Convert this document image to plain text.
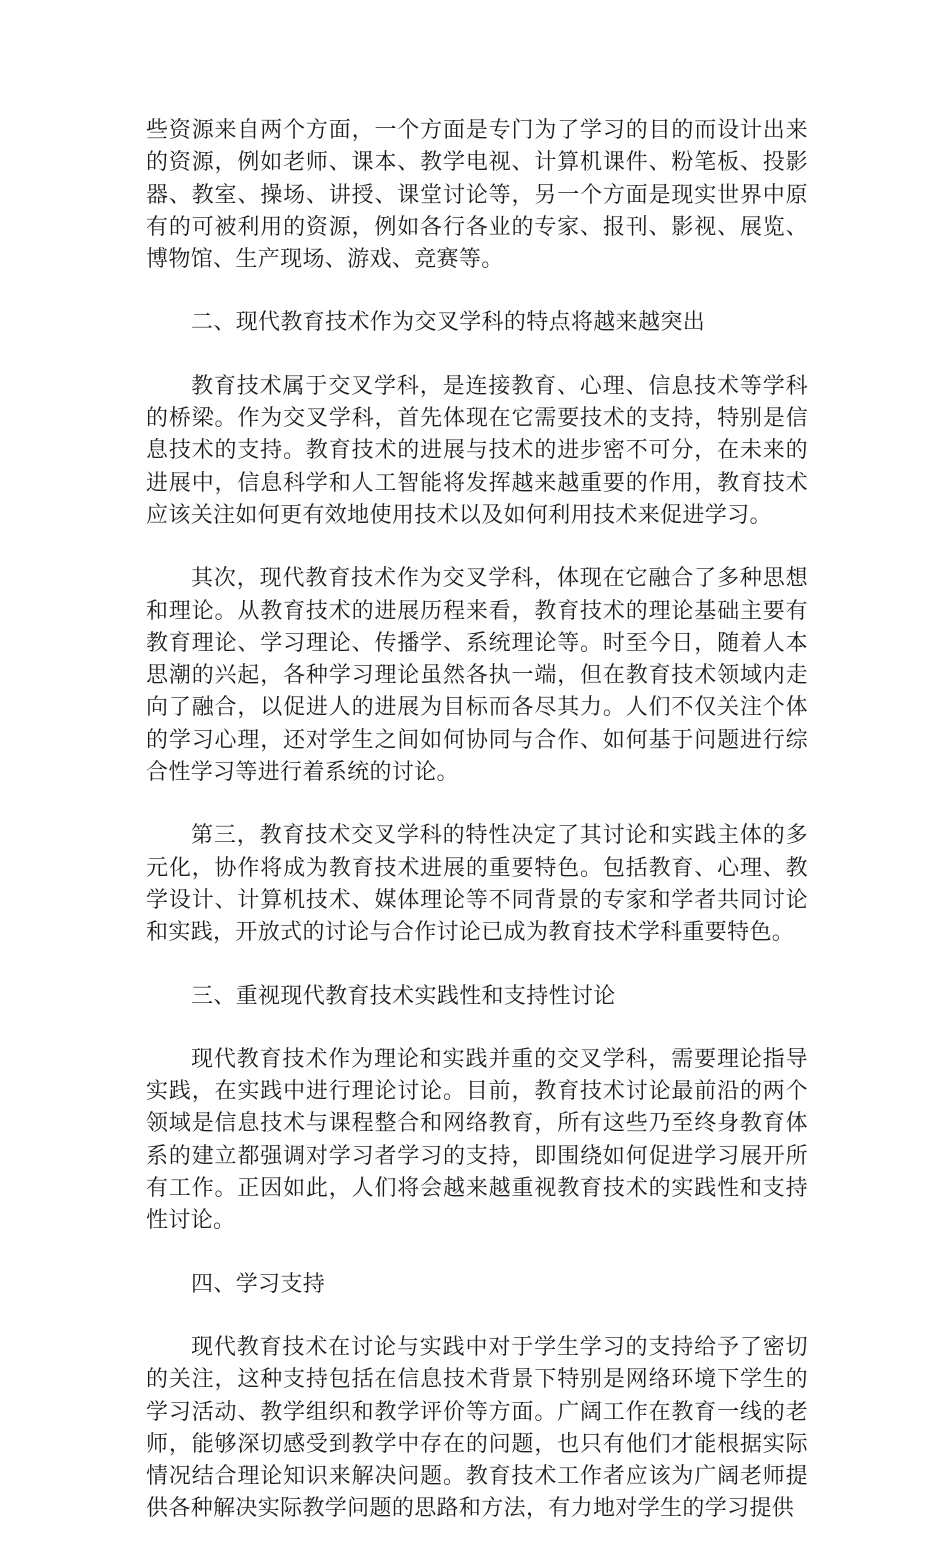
些资源来自两个方面，一个方面是专门为了学习的目的而设计出来的资源，例如老师、课本、教学电视、计算机课件、粉笔板、投影器、教室、操场、讲授、课堂讨论等，另一个方面是现实世界中原有的可被利用的资源，例如各行各业的专家、报刊、影视、展览、博物馆、生产现场、游戏、竞赛等。

二、现代教育技术作为交叉学科的特点将越来越突出

教育技术属于交叉学科，是连接教育、心理、信息技术等学科的桥梁。作为交叉学科，首先体现在它需要技术的支持，特别是信息技术的支持。教育技术的进展与技术的进步密不可分，在未来的进展中，信息科学和人工智能将发挥越来越重要的作用，教育技术应该关注如何更有效地使用技术以及如何利用技术来促进学习。

其次，现代教育技术作为交叉学科，体现在它融合了多种思想和理论。从教育技术的进展历程来看，教育技术的理论基础主要有教育理论、学习理论、传播学、系统理论等。时至今日，随着人本思潮的兴起，各种学习理论虽然各执一端，但在教育技术领域内走向了融合，以促进人的进展为目标而各尽其力。人们不仅关注个体的学习心理，还对学生之间如何协同与合作、如何基于问题进行综合性学习等进行着系统的讨论。

第三，教育技术交叉学科的特性决定了其讨论和实践主体的多元化，协作将成为教育技术进展的重要特色。包括教育、心理、教学设计、计算机技术、媒体理论等不同背景的专家和学者共同讨论和实践，开放式的讨论与合作讨论已成为教育技术学科重要特色。

三、重视现代教育技术实践性和支持性讨论

现代教育技术作为理论和实践并重的交叉学科，需要理论指导实践，在实践中进行理论讨论。目前，教育技术讨论最前沿的两个领域是信息技术与课程整合和网络教育，所有这些乃至终身教育体系的建立都强调对学习者学习的支持，即围绕如何促进学习展开所有工作。正因如此，人们将会越来越重视教育技术的实践性和支持性讨论。

四、学习支持

现代教育技术在讨论与实践中对于学生学习的支持给予了密切的关注，这种支持包括在信息技术背景下特别是网络环境下学生的学习活动、教学组织和教学评价等方面。广阔工作在教育一线的老师，能够深切感受到教学中存在的问题，也只有他们才能根据实际情况结合理论知识来解决问题。教育技术工作者应该为广阔老师提供各种解决实际教学问题的思路和方法，有力地对学生的学习提供
